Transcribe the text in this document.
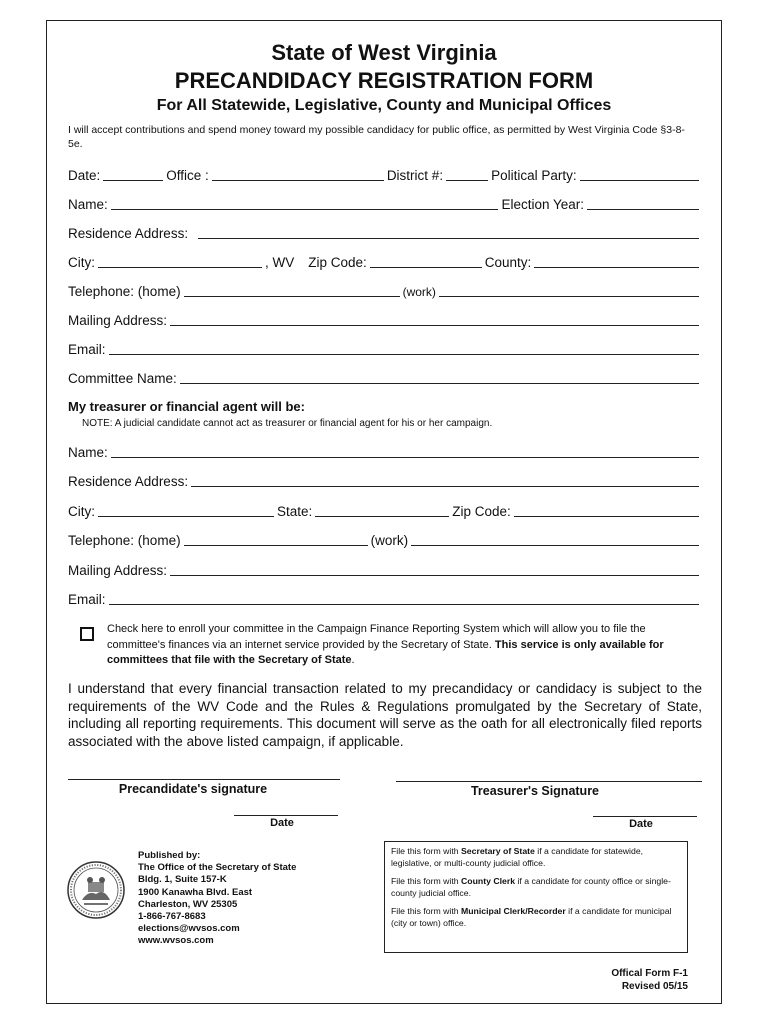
State of West Virginia
PRECANDIDACY REGISTRATION FORM
For All Statewide, Legislative, County and Municipal Offices
I will accept contributions and spend money toward my possible candidacy for public office, as permitted by West Virginia Code §3-8-5e.
Date:	Office :	District #:	Political Party:
Name:	Election Year:
Residence Address:
City:	, WV Zip Code:	County:
Telephone: (home)	(work)
Mailing Address:
Email:
Committee Name:
My treasurer or financial agent will be:
NOTE: A judicial candidate cannot act as treasurer or financial agent for his or her campaign.
Name:
Residence Address:
City:	State:	Zip Code:
Telephone: (home)	(work)
Mailing Address:
Email:
Check here to enroll your committee in the Campaign Finance Reporting System which will allow you to file the committee's finances via an internet service provided by the Secretary of State. This service is only available for committees that file with the Secretary of State.
I understand that every financial transaction related to my precandidacy or candidacy is subject to the requirements of the WV Code and the Rules & Regulations promulgated by the Secretary of State, including all reporting requirements. This document will serve as the oath for all electronically filed reports associated with the above listed campaign, if applicable.
Precandidate's signature	Treasurer's Signature
Date	Date
Published by:
The Office of the Secretary of State
Bldg. 1, Suite 157-K
1900 Kanawha Blvd. East
Charleston, WV 25305
1-866-767-8683
elections@wvsos.com
www.wvsos.com

File this form with Secretary of State if a candidate for statewide, legislative, or multi-county judicial office.

File this form with County Clerk if a candidate for county office or single-county judicial office.

File this form with Municipal Clerk/Recorder if a candidate for municipal (city or town) office.

Offical Form F-1
Revised 05/15
